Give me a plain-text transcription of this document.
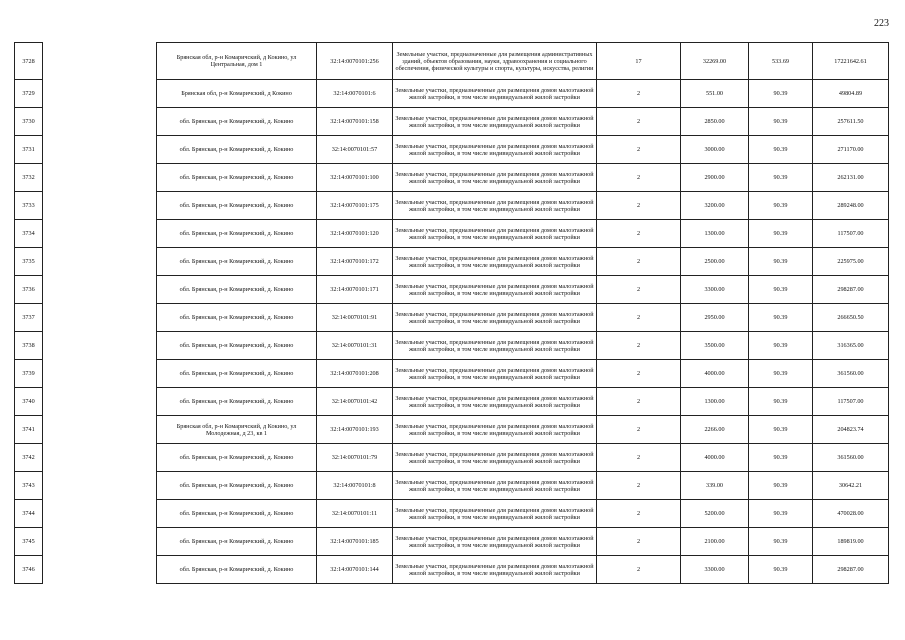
223
3728		Брянская обл, р-н Комаричский, д Кокино, ул Центральная, дом 1	32:14:0070101:256	Земельные участки, предназначенные для размещения административных зданий, объектов образования, науки, здравоохранения и социального обеспечения, физической культуры и спорта, культуры, искусства, религии	17	32269.00	533.69	17221642.61
3729		Брянская обл, р-н Комаричский, д Кокино	32:14:0070101:6	Земельные участки, предназначенные для размещения домов малоэтажной жилой застройки, в том числе индивидуальной жилой застройки	2	551.00	90.39	49804.89
3730		обл. Брянская, р-н Комаричский, д. Кокино	32:14:0070101:158	Земельные участки, предназначенные для размещения домов малоэтажной жилой застройки, в том числе индивидуальной жилой застройки	2	2850.00	90.39	257611.50
3731		обл. Брянская, р-н Комаричский, д. Кокино	32:14:0070101:57	Земельные участки, предназначенные для размещения домов малоэтажной жилой застройки, в том числе индивидуальной жилой застройки	2	3000.00	90.39	271170.00
3732		обл. Брянская, р-н Комаричский, д. Кокино	32:14:0070101:100	Земельные участки, предназначенные для размещения домов малоэтажной жилой застройки, в том числе индивидуальной жилой застройки	2	2900.00	90.39	262131.00
3733		обл. Брянская, р-н Комаричский, д. Кокино	32:14:0070101:175	Земельные участки, предназначенные для размещения домов малоэтажной жилой застройки, в том числе индивидуальной жилой застройки	2	3200.00	90.39	289248.00
3734		обл. Брянская, р-н Комаричский, д. Кокино	32:14:0070101:120	Земельные участки, предназначенные для размещения домов малоэтажной жилой застройки, в том числе индивидуальной жилой застройки	2	1300.00	90.39	117507.00
3735		обл. Брянская, р-н Комаричский, д. Кокино	32:14:0070101:172	Земельные участки, предназначенные для размещения домов малоэтажной жилой застройки, в том числе индивидуальной жилой застройки	2	2500.00	90.39	225975.00
3736		обл. Брянская, р-н Комаричский, д. Кокино	32:14:0070101:171	Земельные участки, предназначенные для размещения домов малоэтажной жилой застройки, в том числе индивидуальной жилой застройки	2	3300.00	90.39	298287.00
3737		обл. Брянская, р-н Комаричский, д. Кокино	32:14:0070101:91	Земельные участки, предназначенные для размещения домов малоэтажной жилой застройки, в том числе индивидуальной жилой застройки	2	2950.00	90.39	266650.50
3738		обл. Брянская, р-н Комаричский, д. Кокино	32:14:0070101:31	Земельные участки, предназначенные для размещения домов малоэтажной жилой застройки, в том числе индивидуальной жилой застройки	2	3500.00	90.39	316365.00
3739		обл. Брянская, р-н Комаричский, д. Кокино	32:14:0070101:208	Земельные участки, предназначенные для размещения домов малоэтажной жилой застройки, в том числе индивидуальной жилой застройки	2	4000.00	90.39	361560.00
3740		обл. Брянская, р-н Комаричский, д. Кокино	32:14:0070101:42	Земельные участки, предназначенные для размещения домов малоэтажной жилой застройки, в том числе индивидуальной жилой застройки	2	1300.00	90.39	117507.00
3741		Брянская обл, р-н Комаричский, д Кокино, ул Молодежная, д 23, кв 1	32:14:0070101:193	Земельные участки, предназначенные для размещения домов малоэтажной жилой застройки, в том числе индивидуальной жилой застройки	2	2266.00	90.39	204823.74
3742		обл. Брянская, р-н Комаричский, д. Кокино	32:14:0070101:79	Земельные участки, предназначенные для размещения домов малоэтажной жилой застройки, в том числе индивидуальной жилой застройки	2	4000.00	90.39	361560.00
3743		обл. Брянская, р-н Комаричский, д. Кокино	32:14:0070101:8	Земельные участки, предназначенные для размещения домов малоэтажной жилой застройки, в том числе индивидуальной жилой застройки	2	339.00	90.39	30642.21
3744		обл. Брянская, р-н Комаричский, д. Кокино	32:14:0070101:11	Земельные участки, предназначенные для размещения домов малоэтажной жилой застройки, в том числе индивидуальной жилой застройки	2	5200.00	90.39	470028.00
3745		обл. Брянская, р-н Комаричский, д. Кокино	32:14:0070101:185	Земельные участки, предназначенные для размещения домов малоэтажной жилой застройки, в том числе индивидуальной жилой застройки	2	2100.00	90.39	189819.00
3746		обл. Брянская, р-н Комаричский, д. Кокино	32:14:0070101:144	Земельные участки, предназначенные для размещения домов малоэтажной жилой застройки, в том числе индивидуальной жилой застройки	2	3300.00	90.39	298287.00
